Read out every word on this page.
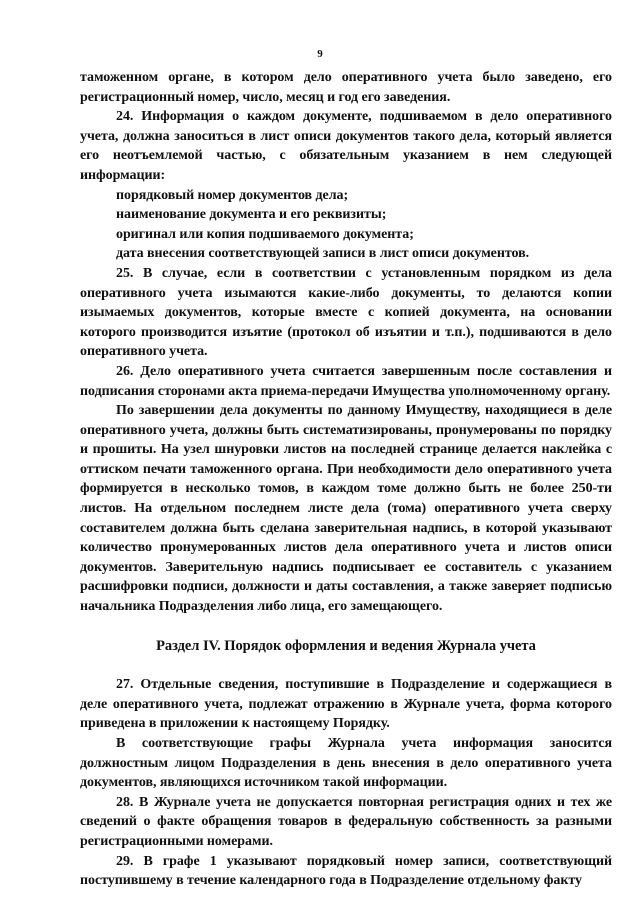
9

таможенном органе, в котором дело оперативного учета было заведено, его регистрационный номер, число, месяц и год его заведения.

24. Информация о каждом документе, подшиваемом в дело оперативного учета, должна заноситься в лист описи документов такого дела, который является его неотъемлемой частью, с обязательным указанием в нем следующей информации:

порядковый номер документов дела;

наименование документа и его реквизиты;

оригинал или копия подшиваемого документа;

дата внесения соответствующей записи в лист описи документов.

25. В случае, если в соответствии с установленным порядком из дела оперативного учета изымаются какие-либо документы, то делаются копии изымаемых документов, которые вместе с копией документа, на основании которого производится изъятие (протокол об изъятии и т.п.), подшиваются в дело оперативного учета.

26. Дело оперативного учета считается завершенным после составления и подписания сторонами акта приема-передачи Имущества уполномоченному органу.

По завершении дела документы по данному Имуществу, находящиеся в деле оперативного учета, должны быть систематизированы, пронумерованы по порядку и прошиты. На узел шнуровки листов на последней странице делается наклейка с оттиском печати таможенного органа. При необходимости дело оперативного учета формируется в несколько томов, в каждом томе должно быть не более 250-ти листов. На отдельном последнем листе дела (тома) оперативного учета сверху составителем должна быть сделана заверительная надпись, в которой указывают количество пронумерованных листов дела оперативного учета и листов описи документов. Заверительную надпись подписывает ее составитель с указанием расшифровки подписи, должности и даты составления, а также заверяет подписью начальника Подразделения либо лица, его замещающего.

Раздел IV. Порядок оформления и ведения Журнала учета

27. Отдельные сведения, поступившие в Подразделение и содержащиеся в деле оперативного учета, подлежат отражению в Журнале учета, форма которого приведена в приложении к настоящему Порядку.

В соответствующие графы Журнала учета информация заносится должностным лицом Подразделения в день внесения в дело оперативного учета документов, являющихся источником такой информации.

28. В Журнале учета не допускается повторная регистрация одних и тех же сведений о факте обращения товаров в федеральную собственность за разными регистрационными номерами.

29. В графе 1 указывают порядковый номер записи, соответствующий поступившему в течение календарного года в Подразделение отдельному факту
